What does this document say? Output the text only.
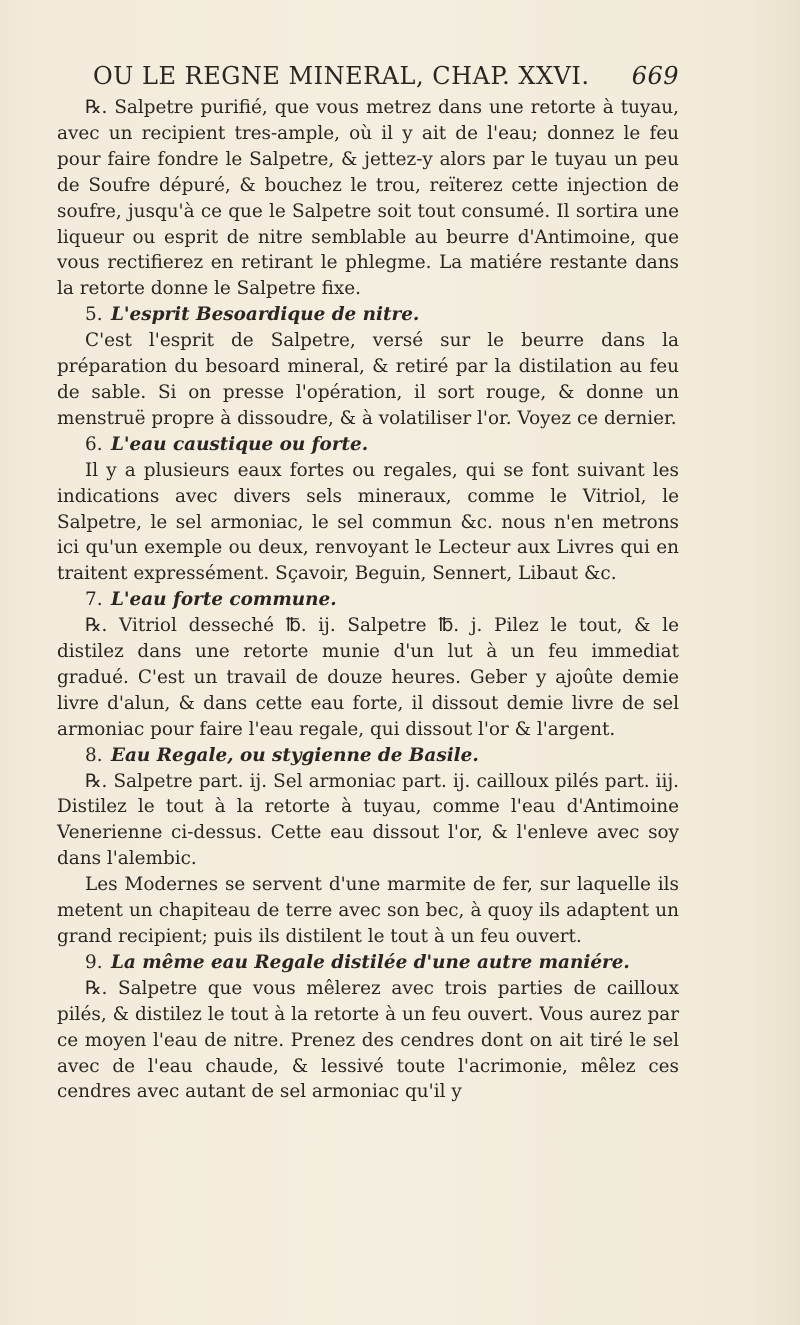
OU LE REGNE MINERAL, CHAP. XXVI. 669

℞. Salpetre purifié, que vous metrez dans une retorte à tuyau, avec un recipient tres-ample, où il y ait de l'eau; donnez le feu pour faire fondre le Salpetre, & jettez-y alors par le tuyau un peu de Soufre dépuré, & bouchez le trou, reïterez cette injection de soufre, jusqu'à ce que le Salpetre soit tout consumé. Il sortira une liqueur ou esprit de nitre semblable au beurre d'Antimoine, que vous rectifierez en retirant le phlegme. La matiére restante dans la retorte donne le Salpetre fixe.

5. L'esprit Besoardique de nitre.

C'est l'esprit de Salpetre, versé sur le beurre dans la préparation du besoard mineral, & retiré par la distilation au feu de sable. Si on presse l'opération, il sort rouge, & donne un menstruë propre à dissoudre, & à volatiliser l'or. Voyez ce dernier.

6. L'eau caustique ou forte.

Il y a plusieurs eaux fortes ou regales, qui se font suivant les indications avec divers sels mineraux, comme le Vitriol, le Salpetre, le sel armoniac, le sel commun &c. nous n'en metrons ici qu'un exemple ou deux, renvoyant le Lecteur aux Livres qui en traitent expressément. Sçavoir, Beguin, Sennert, Libaut &c.

7. L'eau forte commune.

℞. Vitriol desseché ℔. ij. Salpetre ℔. j. Pilez le tout, & le distilez dans une retorte munie d'un lut à un feu immediat gradué. C'est un travail de douze heures. Geber y ajoûte demie livre d'alun, & dans cette eau forte, il dissout demie livre de sel armoniac pour faire l'eau regale, qui dissout l'or & l'argent.

8. Eau Regale, ou stygienne de Basile.

℞. Salpetre part. ij. Sel armoniac part. ij. cailloux pilés part. iij. Distilez le tout à la retorte à tuyau, comme l'eau d'Antimoine Venerienne ci-dessus. Cette eau dissout l'or, & l'enleve avec soy dans l'alembic.

Les Modernes se servent d'une marmite de fer, sur laquelle ils metent un chapiteau de terre avec son bec, à quoy ils adaptent un grand recipient; puis ils distilent le tout à un feu ouvert.

9. La même eau Regale distilée d'une autre maniére.

℞. Salpetre que vous mêlerez avec trois parties de cailloux pilés, & distilez le tout à la retorte à un feu ouvert. Vous aurez par ce moyen l'eau de nitre. Prenez des cendres dont on ait tiré le sel avec de l'eau chaude, & lessivé toute l'acrimonie, mêlez ces cendres avec autant de sel armoniac qu'il y
